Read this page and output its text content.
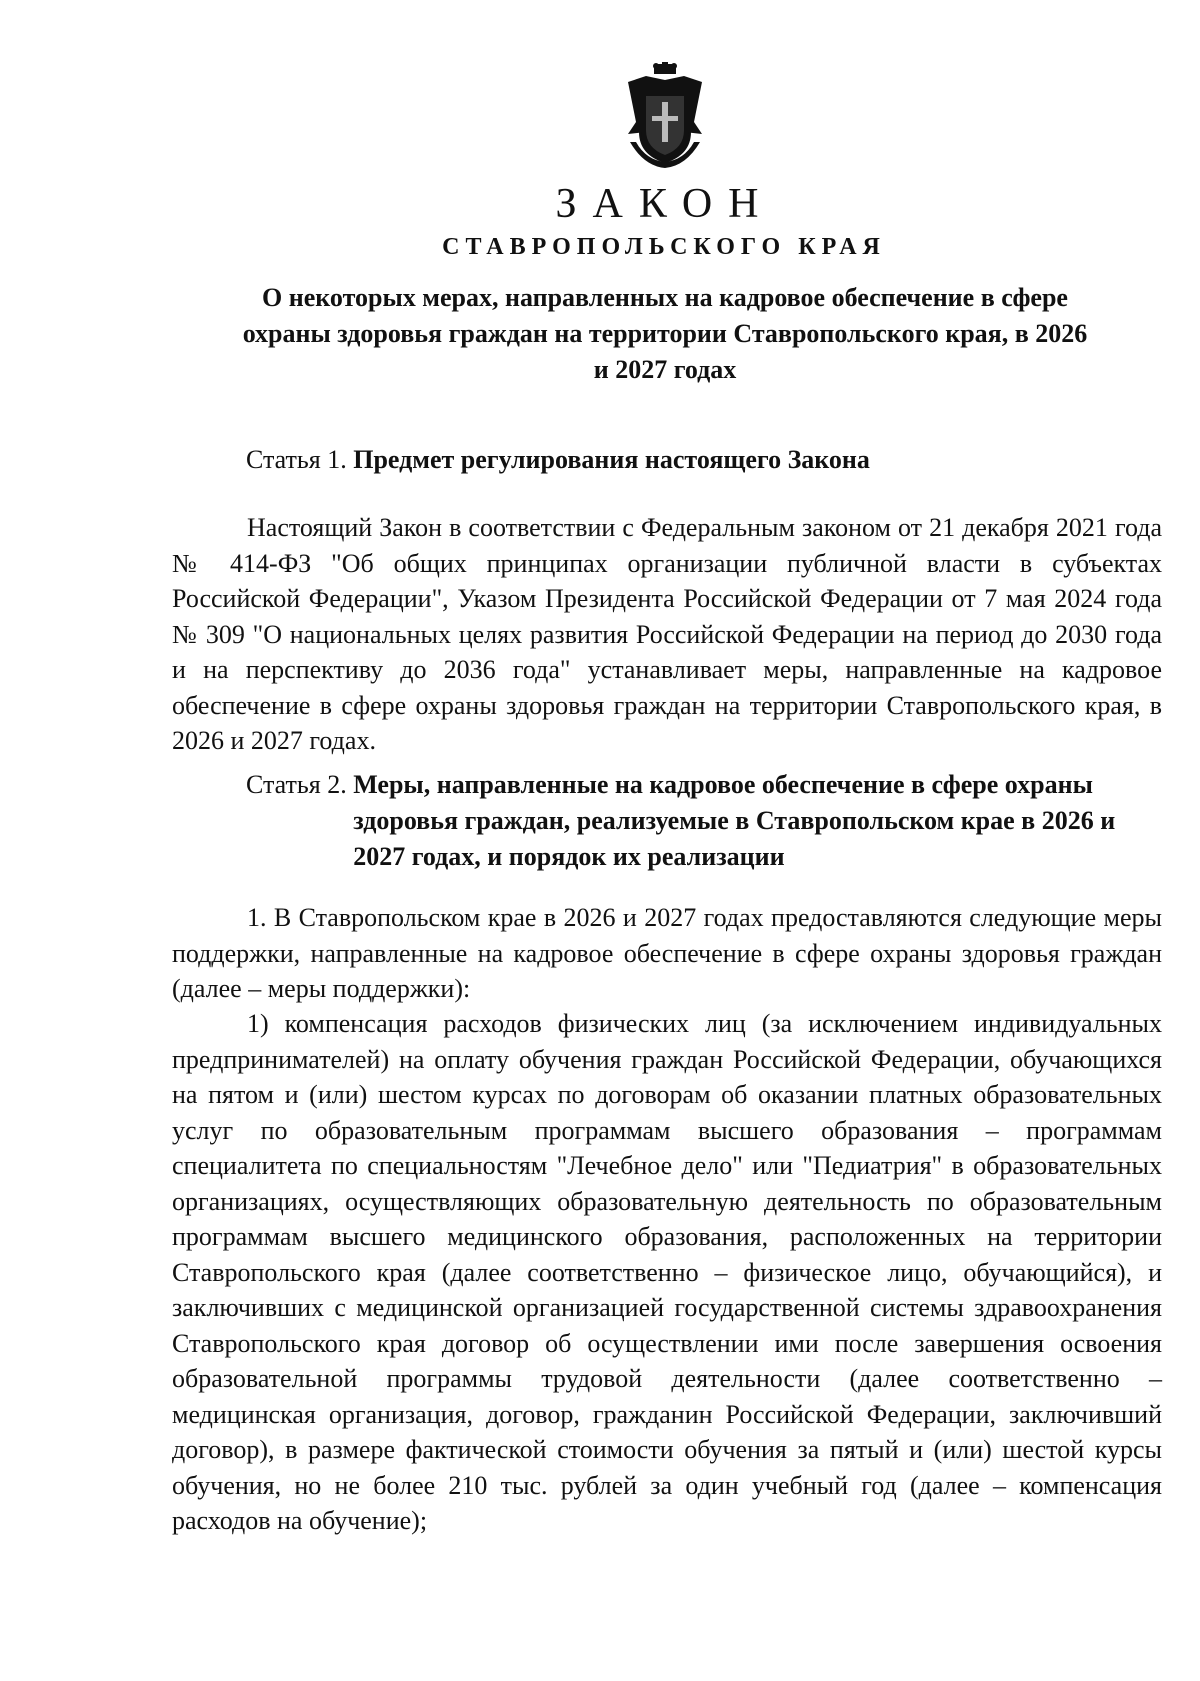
ЗАКОН
СТАВРОПОЛЬСКОГО КРАЯ
О некоторых мерах, направленных на кадровое обеспечение в сфере охраны здоровья граждан на территории Ставропольского края, в 2026 и 2027 годах
Статья 1. Предмет регулирования настоящего Закона

Настоящий Закон в соответствии с Федеральным законом от 21 декабря 2021 года № 414-ФЗ "Об общих принципах организации публичной власти в субъектах Российской Федерации", Указом Президента Российской Федерации от 7 мая 2024 года № 309 "О национальных целях развития Российской Федерации на период до 2030 года и на перспективу до 2036 года" устанавливает меры, направленные на кадровое обеспечение в сфере охраны здоровья граждан на территории Ставропольского края, в 2026 и 2027 годах.

Статья 2.
Меры, направленные на кадровое обеспечение в сфере охраны здоровья граждан, реализуемые в Ставропольском крае в 2026 и 2027 годах, и порядок их реализации

1. В Ставропольском крае в 2026 и 2027 годах предоставляются следующие меры поддержки, направленные на кадровое обеспечение в сфере охраны здоровья граждан (далее – меры поддержки):

1) компенсация расходов физических лиц (за исключением индивидуальных предпринимателей) на оплату обучения граждан Российской Федерации, обучающихся на пятом и (или) шестом курсах по договорам об оказании платных образовательных услуг по образовательным программам высшего образования – программам специалитета по специальностям "Лечебное дело" или "Педиатрия" в образовательных организациях, осуществляющих образовательную деятельность по образовательным программам высшего медицинского образования, расположенных на территории Ставропольского края (далее соответственно – физическое лицо, обучающийся), и заключивших с медицинской организацией государственной системы здравоохранения Ставропольского края договор об осуществлении ими после завершения освоения образовательной программы трудовой деятельности (далее соответственно – медицинская организация, договор, гражданин Российской Федерации, заключивший договор), в размере фактической стоимости обучения за пятый и (или) шестой курсы обучения, но не более 210 тыс. рублей за один учебный год (далее – компенсация расходов на обучение);
